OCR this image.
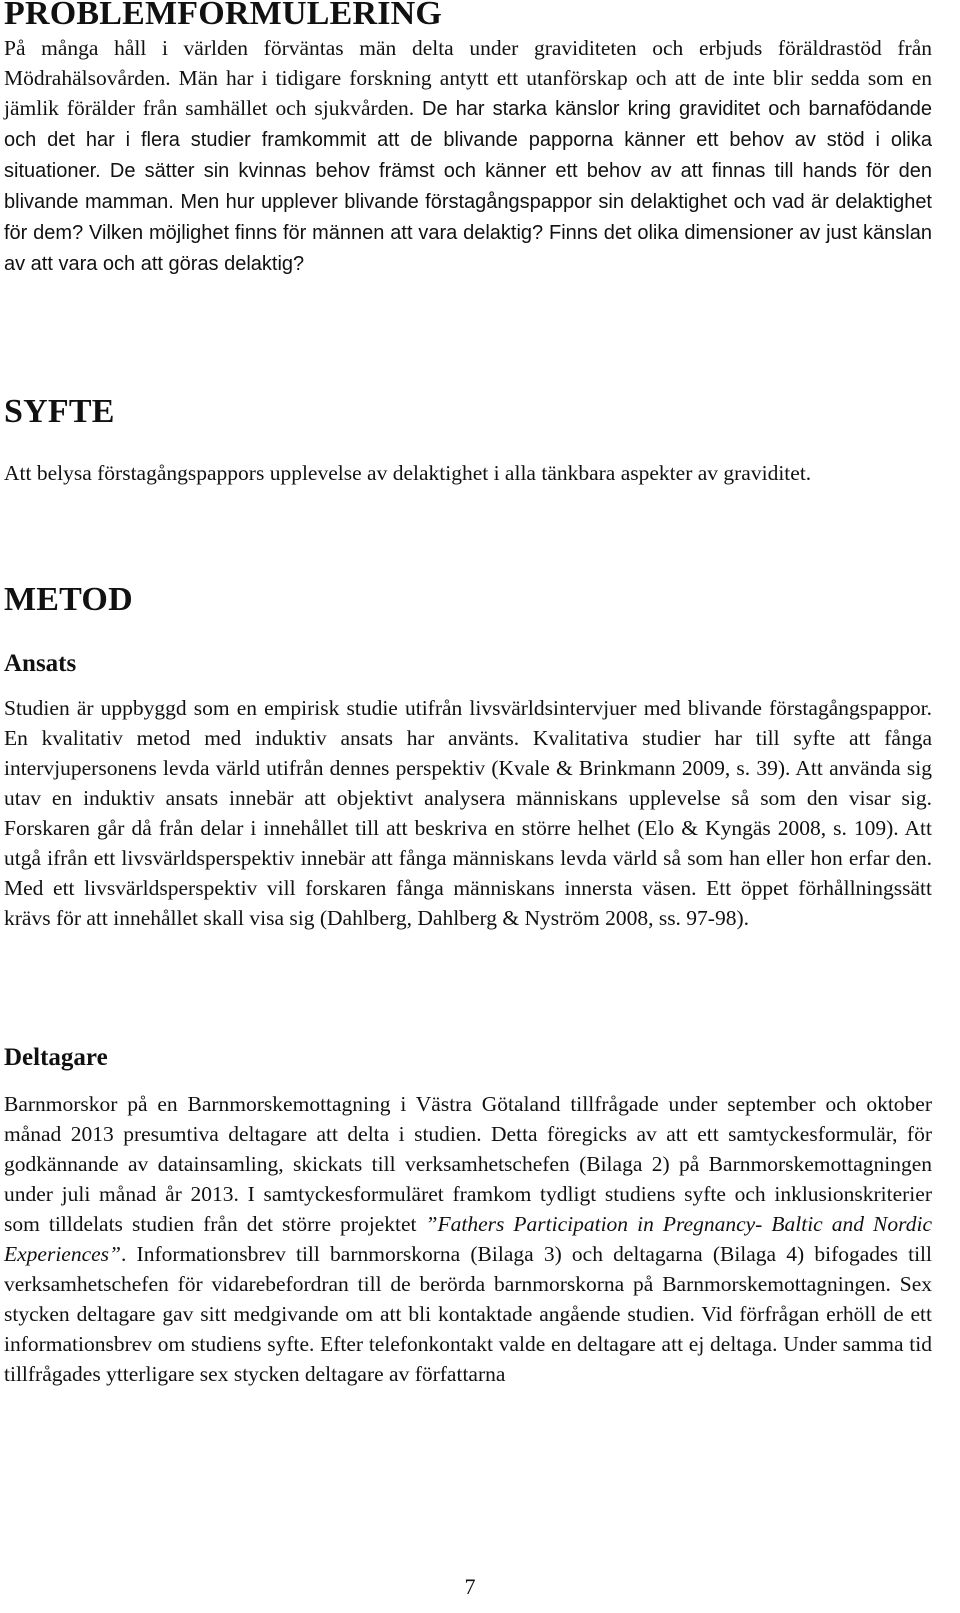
PROBLEMFORMULERING

På många håll i världen förväntas män delta under graviditeten och erbjuds föräldrastöd från Mödrahälsovården. Män har i tidigare forskning antytt ett utanförskap och att de inte blir sedda som en jämlik förälder från samhället och sjukvården. De har starka känslor kring graviditet och barnafödande och det har i flera studier framkommit att de blivande papporna känner ett behov av stöd i olika situationer. De sätter sin kvinnas behov främst och känner ett behov av att finnas till hands för den blivande mamman. Men hur upplever blivande förstagångspappor sin delaktighet och vad är delaktighet för dem? Vilken möjlighet finns för männen att vara delaktig? Finns det olika dimensioner av just känslan av att vara och att göras delaktig?

SYFTE

Att belysa förstagångspappors upplevelse av delaktighet i alla tänkbara aspekter av graviditet.

METOD
Ansats

Studien är uppbyggd som en empirisk studie utifrån livsvärldsintervjuer med blivande förstagångspappor. En kvalitativ metod med induktiv ansats har använts. Kvalitativa studier har till syfte att fånga intervjupersonens levda värld utifrån dennes perspektiv (Kvale & Brinkmann 2009, s. 39). Att använda sig utav en induktiv ansats innebär att objektivt analysera människans upplevelse så som den visar sig. Forskaren går då från delar i innehållet till att beskriva en större helhet (Elo & Kyngäs 2008, s. 109). Att utgå ifrån ett livsvärldsperspektiv innebär att fånga människans levda värld så som han eller hon erfar den. Med ett livsvärldsperspektiv vill forskaren fånga människans innersta väsen. Ett öppet förhållningssätt krävs för att innehållet skall visa sig (Dahlberg, Dahlberg & Nyström 2008, ss. 97-98).

Deltagare

Barnmorskor på en Barnmorskemottagning i Västra Götaland tillfrågade under september och oktober månad 2013 presumtiva deltagare att delta i studien. Detta föregicks av att ett samtyckesformulär, för godkännande av datainsamling, skickats till verksamhetschefen (Bilaga 2) på Barnmorskemottagningen under juli månad år 2013. I samtyckesformuläret framkom tydligt studiens syfte och inklusionskriterier som tilldelats studien från det större projektet ”Fathers Participation in Pregnancy- Baltic and Nordic Experiences”. Informationsbrev till barnmorskorna (Bilaga 3) och deltagarna (Bilaga 4) bifogades till verksamhetschefen för vidarebefordran till de berörda barnmorskorna på Barnmorskemottagningen. Sex stycken deltagare gav sitt medgivande om att bli kontaktade angående studien. Vid förfrågan erhöll de ett informationsbrev om studiens syfte. Efter telefonkontakt valde en deltagare att ej deltaga. Under samma tid tillfrågades ytterligare sex stycken deltagare av författarna

7
